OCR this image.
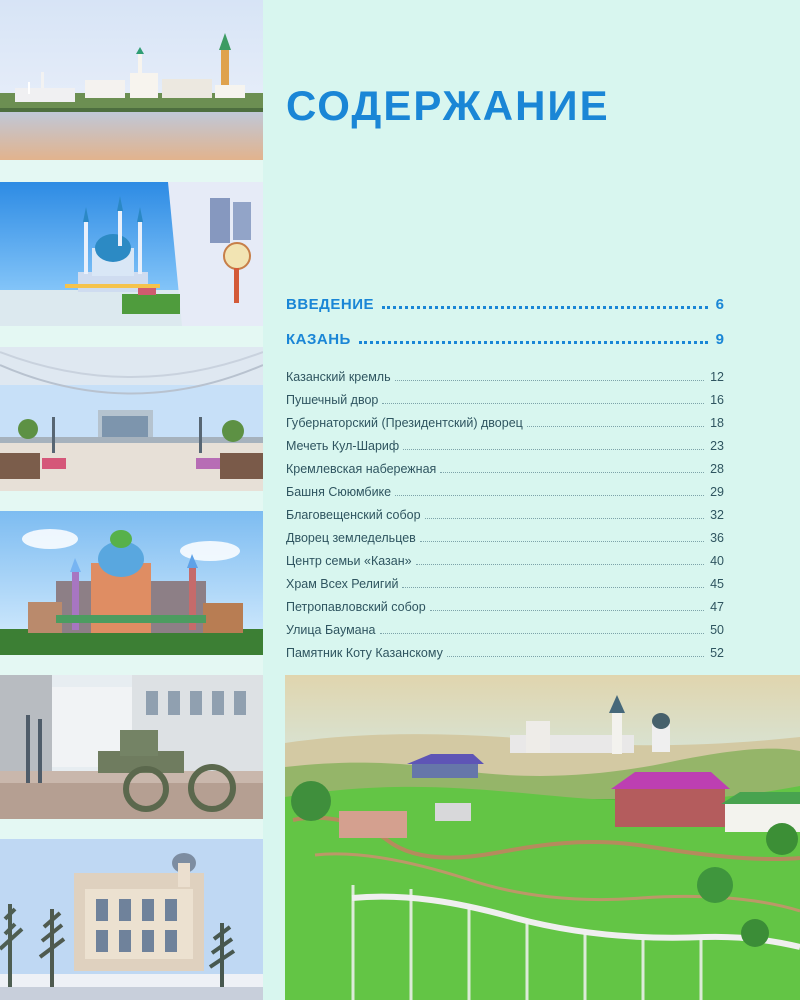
СОДЕРЖАНИЕ
ВВЕДЕНИЕ	6
КАЗАНЬ	9
Казанский кремль	12
Пушечный двор	16
Губернаторский (Президентский) дворец	18
Мечеть Кул-Шариф	23
Кремлевская набережная	28
Башня Сююмбике	29
Благовещенский собор	32
Дворец земледельцев	36
Центр семьи «Казан»	40
Храм Всех Религий	45
Петропавловский собор	47
Улица Баумана	50
Памятник Коту Казанскому	52
